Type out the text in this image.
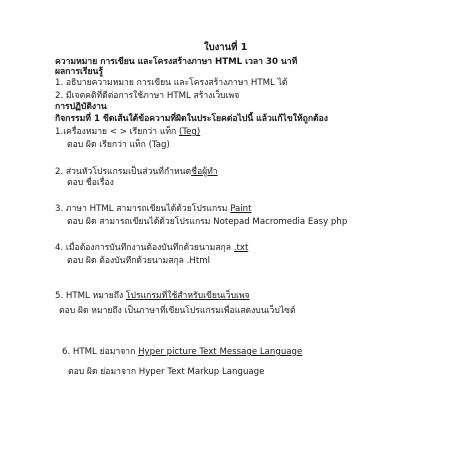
ใบงานที่ 1
ความหมาย การเขียน และโครงสร้างภาษา HTML เวลา 30 นาที
ผลการเรียนรู้
1. อธิบายความหมาย การเขียน และโครงสร้างภาษา HTML ได้
2. มีเจตคติที่ดีต่อการใช้ภาษา HTML สร้างเว็บเพจ
การปฏิบัติงาน
กิจกรรมที่ 1 ขีดเส้นใต้ข้อความที่ผิดในประโยคต่อไปนี้ แล้วแก้ไขให้ถูกต้อง
1.เครื่องหมาย < > เรียกว่า แท็ก (Teg)
ตอบ ผิด เรียกว่า แท็ก (Tag)
2. ส่วนหัวโปรแกรมเป็นส่วนที่กำหนดชื่อผู้ทำ
ตอบ ชื่อเรื่อง
3. ภาษา HTML สามารถเขียนได้ด้วยโปรแกรม Paint
ตอบ ผิด สามารถเขียนได้ด้วยโปรแกรม Notepad Macromedia Easy php
4. เมื่อต้องการบันทึกงานต้องบันทึกด้วยนามสกุล .txt
ตอบ ผิด ต้องบันทึกด้วยนามสกุล .Html
5. HTML หมายถึง โปรแกรมที่ใช้สำหรับเขียนเว็บเพจ
ตอบ ผิด หมายถึง เป็นภาษาที่เขียนโปรแกรมเพื่อแสดงบนเว็บไซต์
6. HTML ย่อมาจาก Hyper picture Text Message Language
ตอบ ผิด ย่อมาจาก Hyper Text Markup Language
